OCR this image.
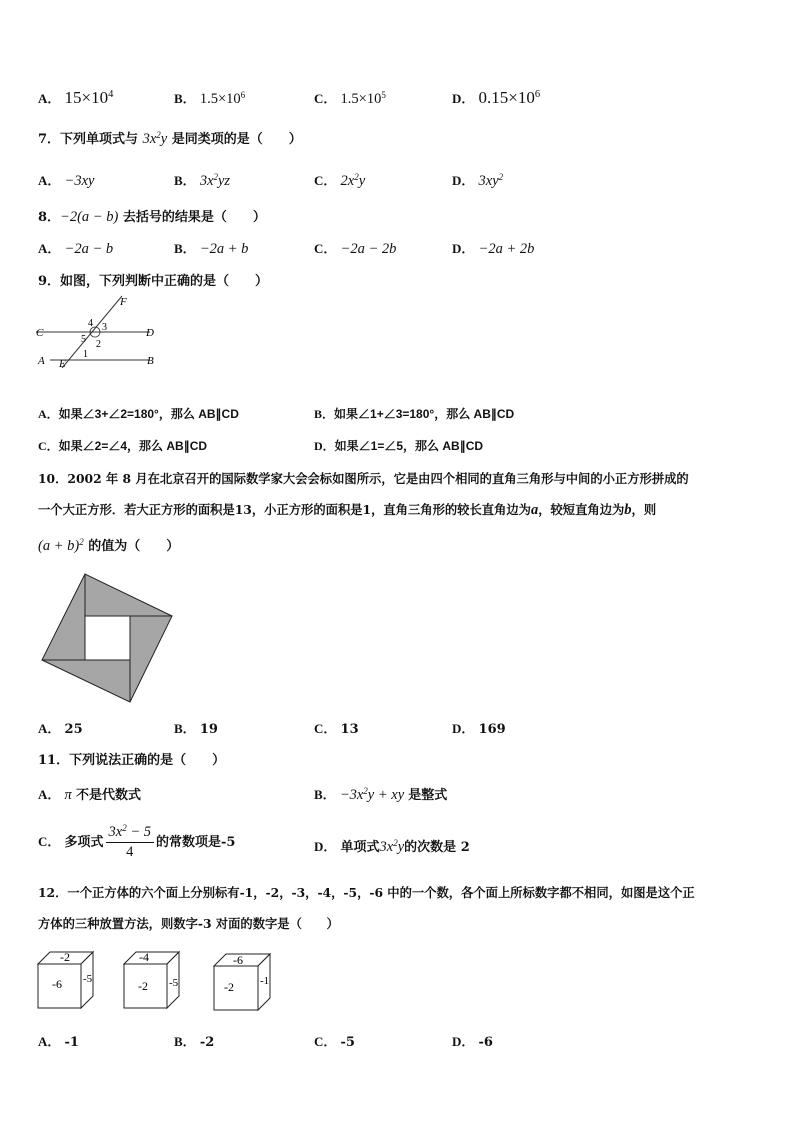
A． $15\times 10^4$	B． $1.5\times 10^6$	C． $1.5\times 10^5$	D． $0.15\times 10^6$
7．下列单项式与 $3x^2y$ 是同类项的是（　　）
A． −3xy	B． $3x^2yz$	C． $2x^2y$	D． $3xy^2$
8．−2(a − b) 去括号的结果是（　　）
A． −2a − b	B． −2a + b	C． −2a − 2b	D． −2a + 2b
9．如图，下列判断中正确的是（　　）
F
C	D
A	B
E
4 3
5 2
1
A．如果∠3+∠2=180°，那么 AB∥CD	B．如果∠1+∠3=180°，那么 AB∥CD
C．如果∠2=∠4，那么 AB∥CD	D．如果∠1=∠5，那么 AB∥CD
10．2002 年 8 月在北京召开的国际数学家大会会标如图所示，它是由四个相同的直角三角形与中间的小正方形拼成的
一个大正方形．若大正方形的面积是13，小正方形的面积是1，直角三角形的较长直角边为a，较短直角边为b，则
$(a + b)^2$ 的值为（　　）
A． 25	B． 19	C． 13	D． 169
11．下列说法正确的是（　　）
A． π 不是代数式	B． $-3x^2y$ + xy 是整式
C． 多项式 $\frac{3x^2 - 5}{4}$ 的常数项是-5	D． 单项式$3x^2y$的次数是 2
12．一个正方体的六个面上分别标有-1，-2，-3，-4，-5，-6 中的一个数，各个面上所标数字都不相同，如图是这个正
方体的三种放置方法，则数字-3 对面的数字是（　　）
-2
-6 -5
-4
-2 -5
-6
-2 -1
A． -1	B． -2	C． -5	D． -6
